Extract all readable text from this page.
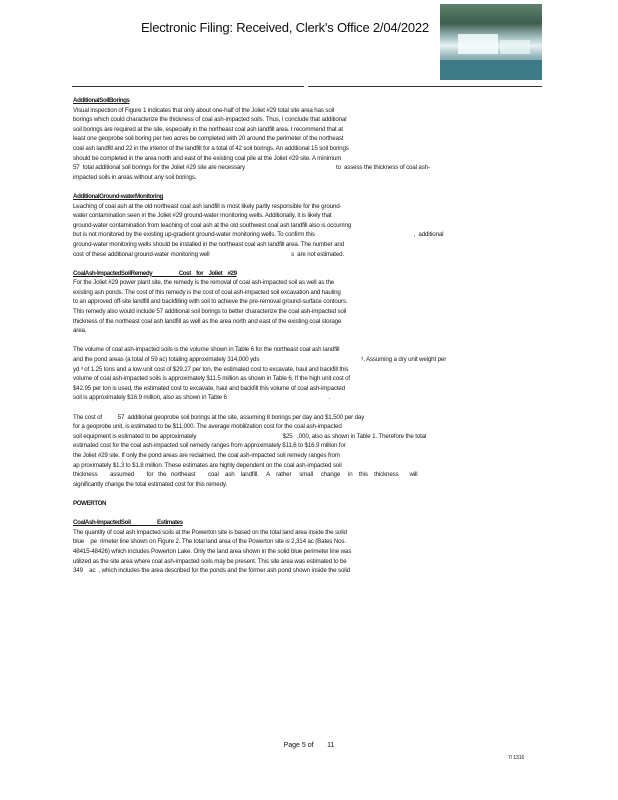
Electronic Filing: Received, Clerk's Office 2/04/2022

AdditionalSoilBorings

Visual inspection of Figure 1 indicates that only about one-half of the Joliet #29 total site area has soil

borings which could characterize the thickness of coal ash-impacted soils. Thus, I conclude that additional

soil borings are required at the site, especially in the northeast coal ash landfill area. I recommend that at

least one geoprobe soil boring per two acres be completed with 20 around the perimeter of the northeast

coal ash landfill and 22 in the interior of the landfill for a total of 42 soil borings. An additional 15 soil borings

should be completed in the area north and east of the existing coal pile at the Joliet #29 site. A minimum

57  total additional soil borings for the Joliet #29 site are necessary                                                          to  assess the thickness of coal ash-

impacted soils in areas without any soil borings.

AdditionalGround-waterMonitoring

Leaching of coal ash at the old northeast coal ash landfill is most likely partly responsible for the ground-

water contamination seen in the Joliet #29 ground-water monitoring wells. Additionally, it is likely that

ground-water contamination from leaching of coal ash at the old southwest coal ash landfill also is occurring

but is not monitored by the existing up-gradient ground-water monitoring wells. To confirm this                                                               ,  additional

ground-water monitoring wells should be installed in the northeast coal ash landfill area. The number and

cost of these additional ground-water monitoring well                                                    s  are not estimated.

CoalAsh-ImpactedSoilRemedy                    Cost    for    Joliet    #29

For the Joliet #29 power plant site, the remedy is the removal of coal ash-impacted soil as well as the

existing ash ponds. The cost of this remedy is the cost of coal ash-impacted soil excavation and hauling

to an approved off-site landfill and backfilling with soil to achieve the pre-removal ground-surface contours.

This remedy also would include 57 additional soil borings to better characterize the coal ash-impacted soil

thickness of the northeast coal ash landfill as well as the area north and east of the existing coal storage

area.

The volume of coal ash-impacted soils is the volume shown in Table 6 for the northeast coal ash landfill

and the pond areas (a total of 59 ac) totaling approximately 314,000 yds                                                                 ³. Assuming a dry unit weight per

yd ³ of 1.25 tons and a low unit cost of $29.27 per ton, the estimated cost to excavate, haul and backfill this

volume of coal ash-impacted soils is approximately $11.5 million as shown in Table 6. If the high unit cost of

$42.95 per ton is used, the estimated cost to excavate, haul and backfill this volume of coal ash-impacted

soil is approximately $16.9 million, also as shown in Table 6                                                                 .

The cost of          57  additional geoprobe soil borings at the site, assuming 8 borings per day and $1,500 per day

for a geoprobe unit, is estimated to be $11,000. The average mobilization cost for the coal ash-impacted

soil equipment is estimated to be approximately                                                       $25   ,000, also as shown in Table 1. Therefore the total

estimated cost for the coal ash-impacted soil remedy ranges from approximately $11.6 to $16.9 million for

the Joliet #29 site. If only the pond areas are reclaimed, the coal ash-impacted soil remedy ranges from

ap proximately $1.3 to $1.8 million. These estimates are highly dependent on the coal ash-impacted soil

thickness        assumed        for   the   northeast        coal    ash    landfill.     A    rather     small     change     in    this    thickness       will

significantly change the total estimated cost for this remedy.

POWERTON

CoalAsh-ImpactedSoil                    Estimates

The quantity of coal ash impacted soils at the Powerton site is based on the total land area inside the solid

blue    pe  rimeter line shown on Figure 2. The total land area of the Powerton site is 2,314 ac (Bates Nos.

48415-48426) which includes Powerton Lake. Only the land area shown in the solid blue perimeter line was

utilized as the site area where coal ash-impacted soils may be present. This site area was estimated to be

349    ac  , which includes the area described for the ponds and the former ash pond shown inside the solid

Page 5 of       11
7/ 1316
